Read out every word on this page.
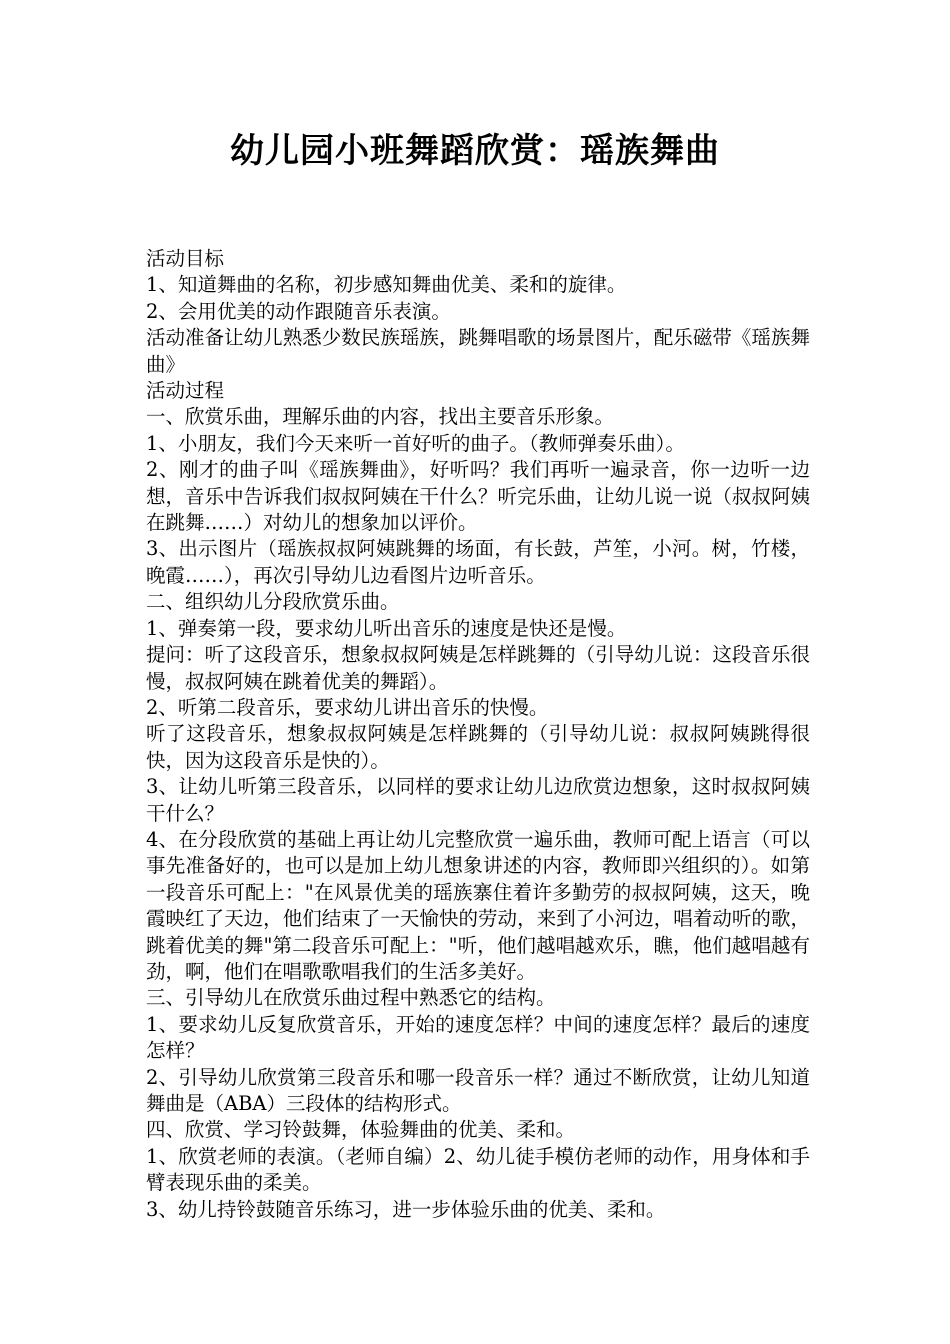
幼儿园小班舞蹈欣赏：瑶族舞曲

活动目标

1、知道舞曲的名称，初步感知舞曲优美、柔和的旋律。

2、会用优美的动作跟随音乐表演。

活动准备让幼儿熟悉少数民族瑶族，跳舞唱歌的场景图片，配乐磁带《瑶族舞曲》

活动过程

一、欣赏乐曲，理解乐曲的内容，找出主要音乐形象。

1、小朋友，我们今天来听一首好听的曲子。（教师弹奏乐曲）。

2、刚才的曲子叫《瑶族舞曲》，好听吗？我们再听一遍录音，你一边听一边想，音乐中告诉我们叔叔阿姨在干什么？听完乐曲，让幼儿说一说（叔叔阿姨在跳舞……）对幼儿的想象加以评价。

3、出示图片（瑶族叔叔阿姨跳舞的场面，有长鼓，芦笙，小河。树，竹楼，晚霞……），再次引导幼儿边看图片边听音乐。

二、组织幼儿分段欣赏乐曲。

1、弹奏第一段，要求幼儿听出音乐的速度是快还是慢。

提问：听了这段音乐，想象叔叔阿姨是怎样跳舞的（引导幼儿说：这段音乐很慢，叔叔阿姨在跳着优美的舞蹈）。

2、听第二段音乐，要求幼儿讲出音乐的快慢。

听了这段音乐，想象叔叔阿姨是怎样跳舞的（引导幼儿说：叔叔阿姨跳得很快，因为这段音乐是快的）。

3、让幼儿听第三段音乐，以同样的要求让幼儿边欣赏边想象，这时叔叔阿姨干什么？

4、在分段欣赏的基础上再让幼儿完整欣赏一遍乐曲，教师可配上语言（可以事先准备好的，也可以是加上幼儿想象讲述的内容，教师即兴组织的）。如第一段音乐可配上："在风景优美的瑶族寨住着许多勤劳的叔叔阿姨，这天，晚霞映红了天边，他们结束了一天愉快的劳动，来到了小河边，唱着动听的歌，跳着优美的舞"第二段音乐可配上："听，他们越唱越欢乐，瞧，他们越唱越有劲，啊，他们在唱歌歌唱我们的生活多美好。

三、引导幼儿在欣赏乐曲过程中熟悉它的结构。

1、要求幼儿反复欣赏音乐，开始的速度怎样？中间的速度怎样？最后的速度怎样？

2、引导幼儿欣赏第三段音乐和哪一段音乐一样？通过不断欣赏，让幼儿知道舞曲是（ABA）三段体的结构形式。

四、欣赏、学习铃鼓舞，体验舞曲的优美、柔和。

1、欣赏老师的表演。（老师自编）2、幼儿徒手模仿老师的动作，用身体和手臂表现乐曲的柔美。

3、幼儿持铃鼓随音乐练习，进一步体验乐曲的优美、柔和。
